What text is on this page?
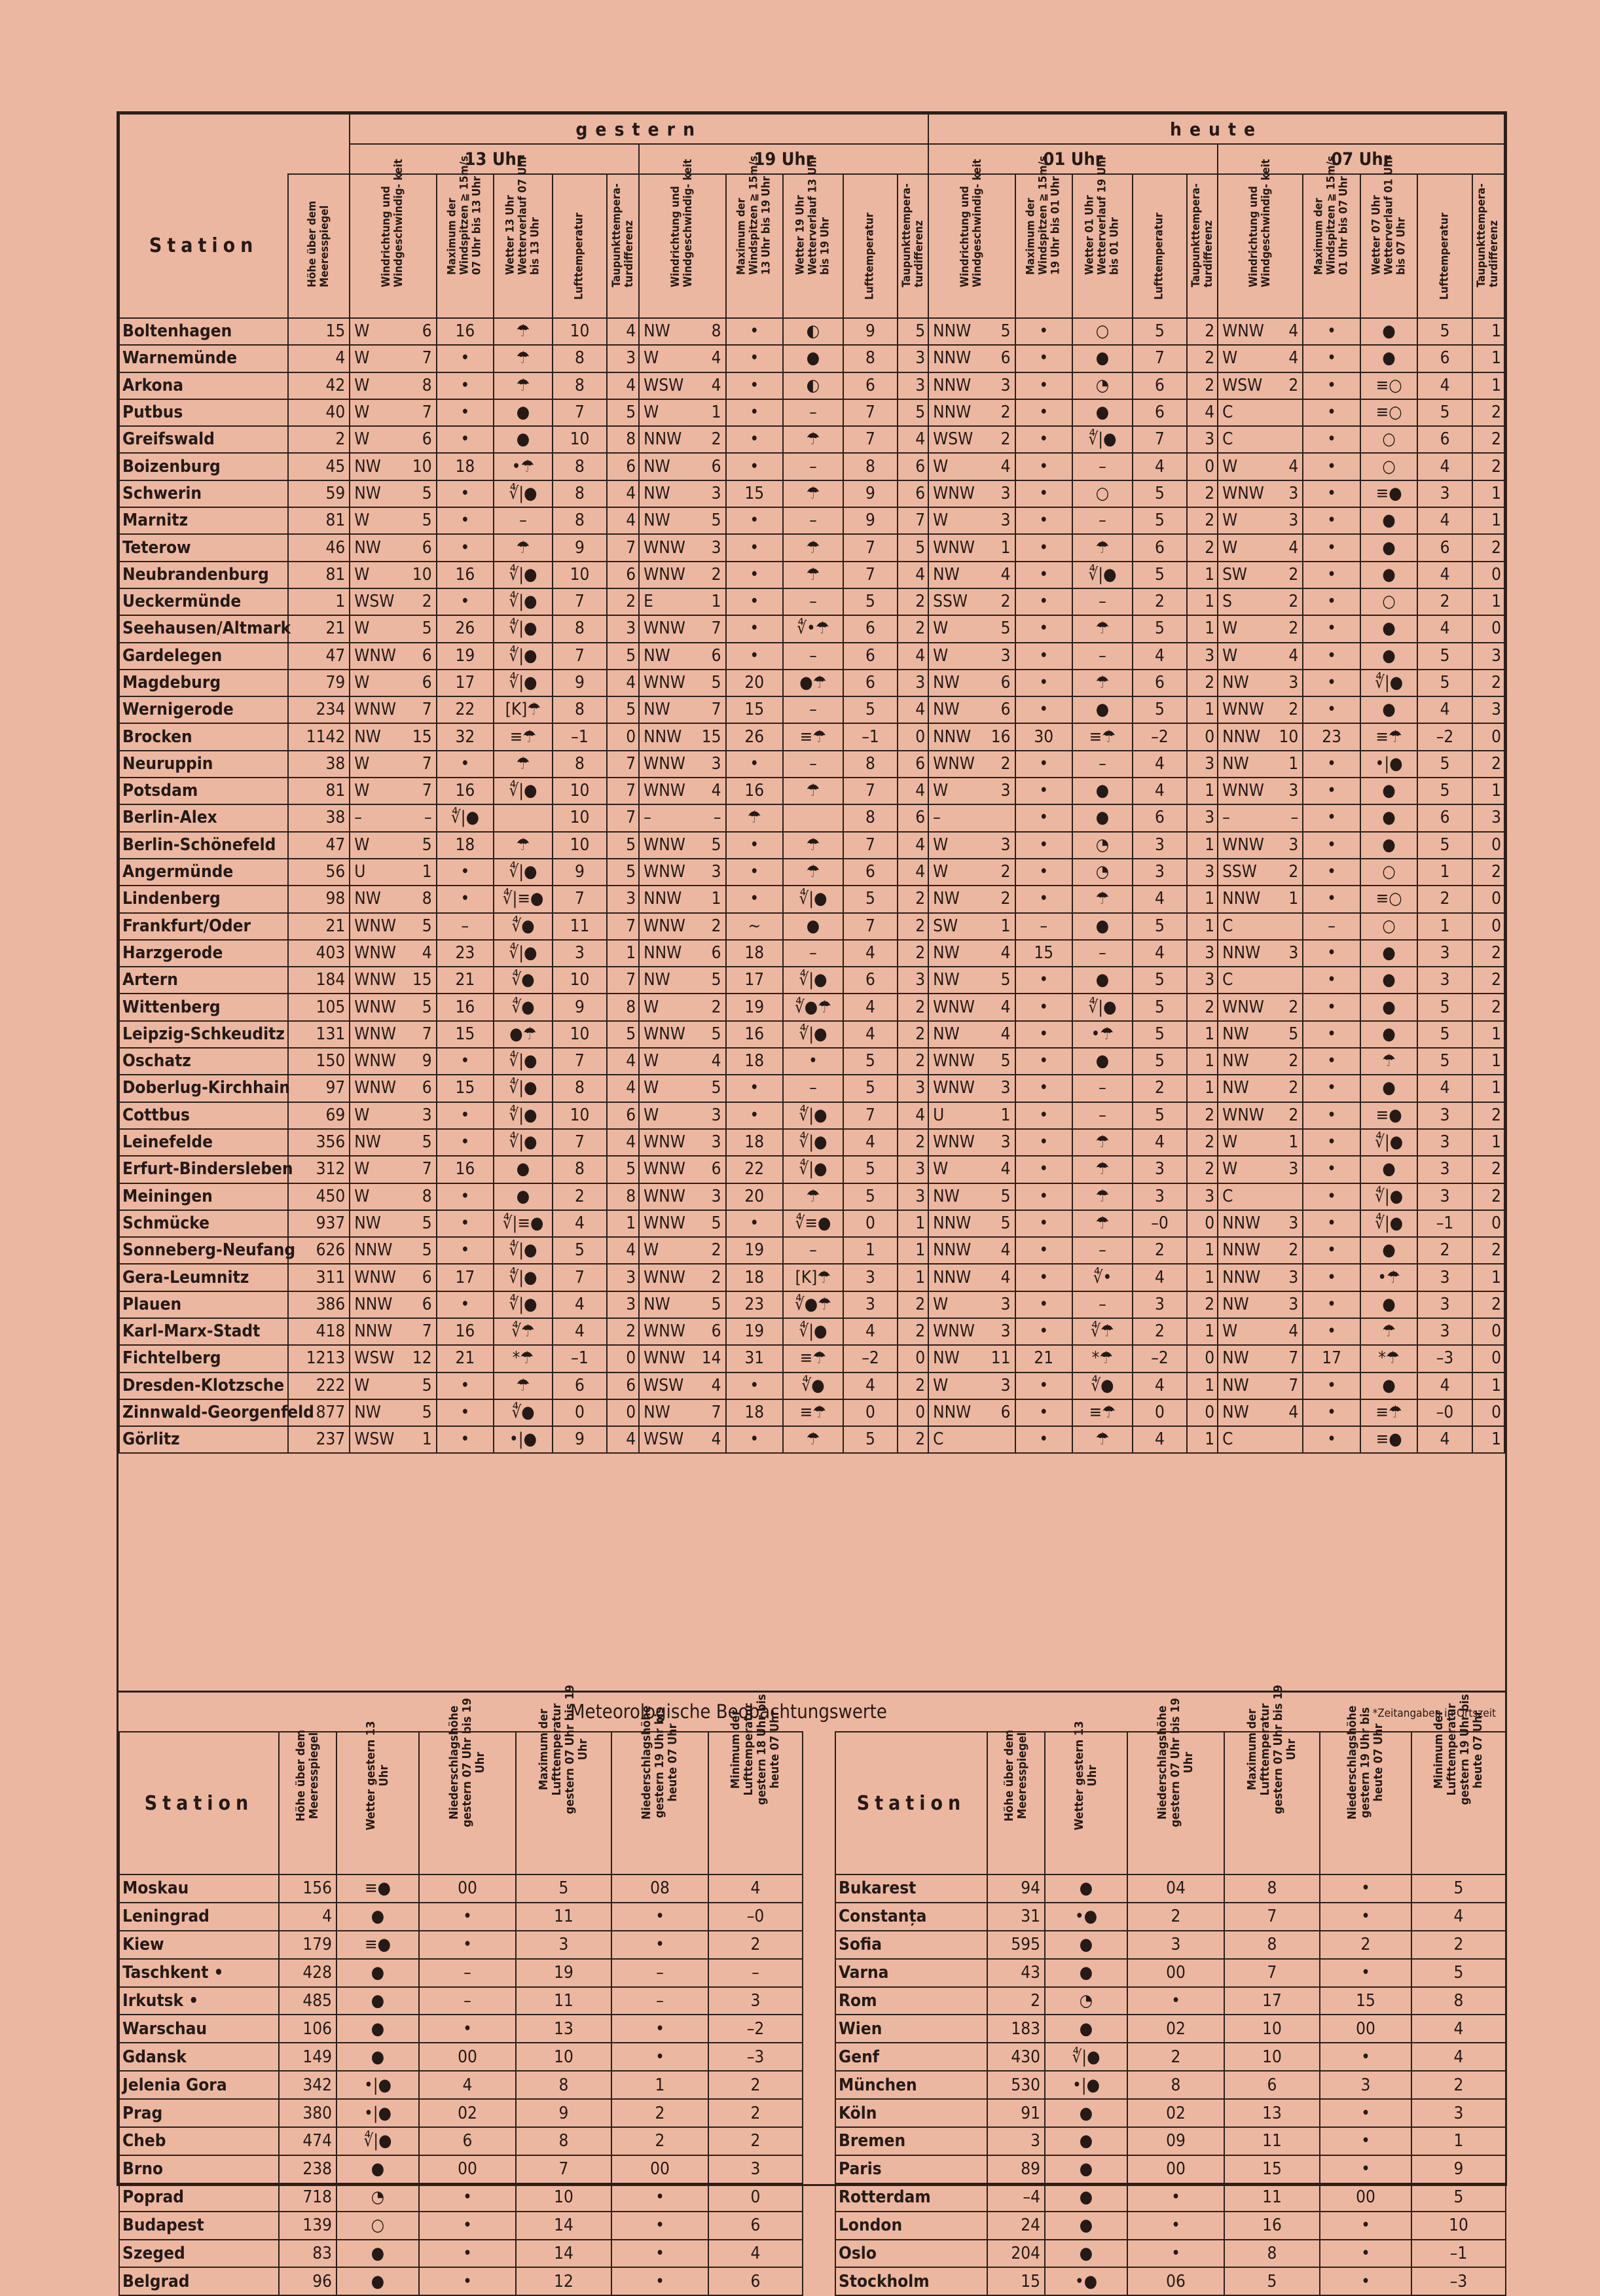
		gestern												heute											
		13 Uhr						19 Uhr						01 Uhr						07 Uhr					
Station	Höhe über dem Meeresspiegel	Windrichtung und Windgeschwindig- keit		Maximum der Windspitzen ≧ 15m/s 07 Uhr bis 13 Uhr	Wetter 13 Uhr Wetterverlauf 07 Uhr bis 13 Uhr	Lufttemperatur	Taupunkttempera- turdifferenz	Windrichtung und Windgeschwindig- keit		Maximum der Windspitzen ≧ 15m/s 13 Uhr bis 19 Uhr	Wetter 19 Uhr Wetterverlauf 13 Uhr bis 19 Uhr	Lufttemperatur	Taupunkttempera- turdifferenz	Windrichtung und Windgeschwindig- keit		Maximum der Windspitzen ≧ 15m/s 19 Uhr bis 01 Uhr	Wetter 01 Uhr Wetterverlauf 19 Uhr bis 01 Uhr	Lufttemperatur	Taupunkttempera- turdifferenz	Windrichtung und Windgeschwindig- keit		Maximum der Windspitzen ≧ 15m/s 01 Uhr bis 07 Uhr	Wetter 07 Uhr Wetterverlauf 01 Uhr bis 07 Uhr	Lufttemperatur	Taupunkttempera- turdifferenz

Boltenhagen	15	W	6	16	☂	10	4	NW	8	•	◐	9	5	NNW	5	•	○	5	2	WNW	4	•	●	5	1
Warnemünde	4	W	7	•	☂	8	3	W	4	•	●	8	3	NNW	6	•	●	7	2	W	4	•	●	6	1
Arkona	42	W	8	•	☂	8	4	WSW	4	•	◐	6	3	NNW	3	•	◔	6	2	WSW	2	•	≡○	4	1
Putbus	40	W	7	•	●	7	5	W	1	•	–	7	5	NNW	2	•	●	6	4	C		•	≡○	5	2
Greifswald	2	W	6	•	●	10	8	NNW	2	•	☂	7	4	WSW	2	•	∜|●	7	3	C		•	○	6	2
Boizenburg	45	NW	10	18	•☂	8	6	NW	6	•	–	8	6	W	4	•	–	4	0	W	4	•	○	4	2
Schwerin	59	NW	5	•	∜|●	8	4	NW	3	15	☂	9	6	WNW	3	•	○	5	2	WNW	3	•	≡●	3	1
Marnitz	81	W	5	•	–	8	4	NW	5	•	–	9	7	W	3	•	–	5	2	W	3	•	●	4	1
Teterow	46	NW	6	•	☂	9	7	WNW	3	•	☂	7	5	WNW	1	•	☂	6	2	W	4	•	●	6	2
Neubrandenburg	81	W	10	16	∜|●	10	6	WNW	2	•	☂	7	4	NW	4	•	∜|●	5	1	SW	2	•	●	4	0
Ueckermünde	1	WSW	2	•	∜|●	7	2	E	1	•	–	5	2	SSW	2	•	–	2	1	S	2	•	○	2	1
Seehausen/Altmark	21	W	5	26	∜|●	8	3	WNW	7	•	∜•☂	6	2	W	5	•	☂	5	1	W	2	•	●	4	0
Gardelegen	47	WNW	6	19	∜|●	7	5	NW	6	•	–	6	4	W	3	•	–	4	3	W	4	•	●	5	3
Magdeburg	79	W	6	17	∜|●	9	4	WNW	5	20	●☂	6	3	NW	6	•	☂	6	2	NW	3	•	∜|●	5	2
Wernigerode	234	WNW	7	22	[K]☂	8	5	NW	7	15	–	5	4	NW	6	•	●	5	1	WNW	2	•	●	4	3
Brocken	1142	NW	15	32	≡☂	–1	0	NNW	15	26	≡☂	–1	0	NNW	16	30	≡☂	–2	0	NNW	10	23	≡☂	–2	0
Neuruppin	38	W	7	•	☂	8	7	WNW	3	•	–	8	6	WNW	2	•	–	4	3	NW	1	•	•|●	5	2
Potsdam	81	W	7	16	∜|●	10	7	WNW	4	16	☂	7	4	W	3	•	●	4	1	WNW	3	•	●	5	1
Berlin-Alex	38	–	–	∜|●		10	7	–	–	☂		8	6	–		•	●	6	3	–	–	•	●	6	3
Berlin-Schönefeld	47	W	5	18	☂	10	5	WNW	5	•	☂	7	4	W	3	•	◔	3	1	WNW	3	•	●	5	0
Angermünde	56	U	1	•	∜|●	9	5	WNW	3	•	☂	6	4	W	2	•	◔	3	3	SSW	2	•	○	1	2
Lindenberg	98	NW	8	•	∜|≡●	7	3	NNW	1	•	∜|●	5	2	NW	2	•	☂	4	1	NNW	1	•	≡○	2	0
Frankfurt/Oder	21	WNW	5	–	∜●	11	7	WNW	2	~	●	7	2	SW	1	–	●	5	1	C		–	○	1	0
Harzgerode	403	WNW	4	23	∜|●	3	1	NNW	6	18	–	4	2	NW	4	15	–	4	3	NNW	3	•	●	3	2
Artern	184	WNW	15	21	∜●	10	7	NW	5	17	∜|●	6	3	NW	5	•	●	5	3	C		•	●	3	2
Wittenberg	105	WNW	5	16	∜●	9	8	W	2	19	∜●☂	4	2	WNW	4	•	∜|●	5	2	WNW	2	•	●	5	2
Leipzig-Schkeuditz	131	WNW	7	15	●☂	10	5	WNW	5	16	∜|●	4	2	NW	4	•	•☂	5	1	NW	5	•	●	5	1
Oschatz	150	WNW	9	•	∜|●	7	4	W	4	18	•	5	2	WNW	5	•	●	5	1	NW	2	•	☂	5	1
Doberlug-Kirchhain	97	WNW	6	15	∜|●	8	4	W	5	•	–	5	3	WNW	3	•	–	2	1	NW	2	•	●	4	1
Cottbus	69	W	3	•	∜|●	10	6	W	3	•	∜|●	7	4	U	1	•	–	5	2	WNW	2	•	≡●	3	2
Leinefelde	356	NW	5	•	∜|●	7	4	WNW	3	18	∜|●	4	2	WNW	3	•	☂	4	2	W	1	•	∜|●	3	1
Erfurt-Bindersleben	312	W	7	16	●	8	5	WNW	6	22	∜|●	5	3	W	4	•	☂	3	2	W	3	•	●	3	2
Meiningen	450	W	8	•	●	2	8	WNW	3	20	☂	5	3	NW	5	•	☂	3	3	C		•	∜|●	3	2
Schmücke	937	NW	5	•	∜|≡●	4	1	WNW	5	•	∜≡●	0	1	NNW	5	•	☂	–0	0	NNW	3	•	∜|●	–1	0
Sonneberg-Neufang	626	NNW	5	•	∜|●	5	4	W	2	19	–	1	1	NNW	4	•	–	2	1	NNW	2	•	●	2	2
Gera-Leumnitz	311	WNW	6	17	∜|●	7	3	WNW	2	18	[K]☂	3	1	NNW	4	•	∜•	4	1	NNW	3	•	•☂	3	1
Plauen	386	NNW	6	•	∜|●	4	3	NW	5	23	∜●☂	3	2	W	3	•	–	3	2	NW	3	•	●	3	2
Karl-Marx-Stadt	418	NNW	7	16	∜☂	4	2	WNW	6	19	∜|●	4	2	WNW	3	•	∜☂	2	1	W	4	•	☂	3	0
Fichtelberg	1213	WSW	12	21	*☂	–1	0	WNW	14	31	≡☂	–2	0	NW	11	21	*☂	–2	0	NW	7	17	*☂	–3	0
Dresden-Klotzsche	222	W	5	•	☂	6	6	WSW	4	•	∜●	4	2	W	3	•	∜●	4	1	NW	7	•	●	4	1
Zinnwald-Georgenfeld	877	NW	5	•	∜●	0	0	NW	7	18	≡☂	0	0	NNW	6	•	≡☂	0	0	NW	4	•	≡☂	–0	0
Görlitz	237	WSW	1	•	•|●	9	4	WSW	4	•	☂	5	2	C		•	☂	4	1	C		•	≡●	4	1
Meteorologische Beobachtungswerte	*Zeitangaben in Ortszeit
Station	Höhe über dem Meeresspiegel	Wetter gestern 13 Uhr	Niederschlagshöhe gestern 07 Uhr bis 19 Uhr	Maximum der Lufttemperatur gestern 07 Uhr bis 19 Uhr	Niederschlagshöhe gestern 19 Uhr bis heute 07 Uhr	Minimum der Lufttemperatur gestern 18 Uhr bis heute 07 Uhr

Moskau	156	≡●	00	5	08	4
Leningrad	4	●	•	11	•	–0
Kiew	179	≡●	•	3	•	2
Taschkent •	428	●	–	19	–	–
Irkutsk •	485	●	–	11	–	3
Warschau	106	●	•	13	•	–2
Gdansk	149	●	00	10	•	–3
Jelenia Gora	342	•|●	4	8	1	2
Prag	380	•|●	02	9	2	2
Cheb	474	∜|●	6	8	2	2
Brno	238	●	00	7	00	3
Poprad	718	◔	•	10	•	0
Budapest	139	○	•	14	•	6
Szeged	83	●	•	14	•	4
Belgrad	96	●	•	12	•	6
Station	Höhe über dem Meeresspiegel	Wetter gestern 13 Uhr	Niederschlagshöhe gestern 07 Uhr bis 19 Uhr	Maximum der Lufttemperatur gestern 07 Uhr bis 19 Uhr	Niederschlagshöhe gestern 19 Uhr bis heute 07 Uhr	Minimum der Lufttemperatur gestern 19 Uhr bis heute 07 Uhr

Bukarest	94	●	04	8	•	5
Constanța	31	•●	2	7	•	4
Sofia	595	●	3	8	2	2
Varna	43	●	00	7	•	5
Rom	2	◔	•	17	15	8
Wien	183	●	02	10	00	4
Genf	430	∜|●	2	10	•	4
München	530	•|●	8	6	3	2
Köln	91	●	02	13	•	3
Bremen	3	●	09	11	•	1
Paris	89	●	00	15	•	9
Rotterdam	–4	●	•	11	00	5
London	24	●	•	16	•	10
Oslo	204	●	•	8	•	–1
Stockholm	15	•●	06	5	•	–3
